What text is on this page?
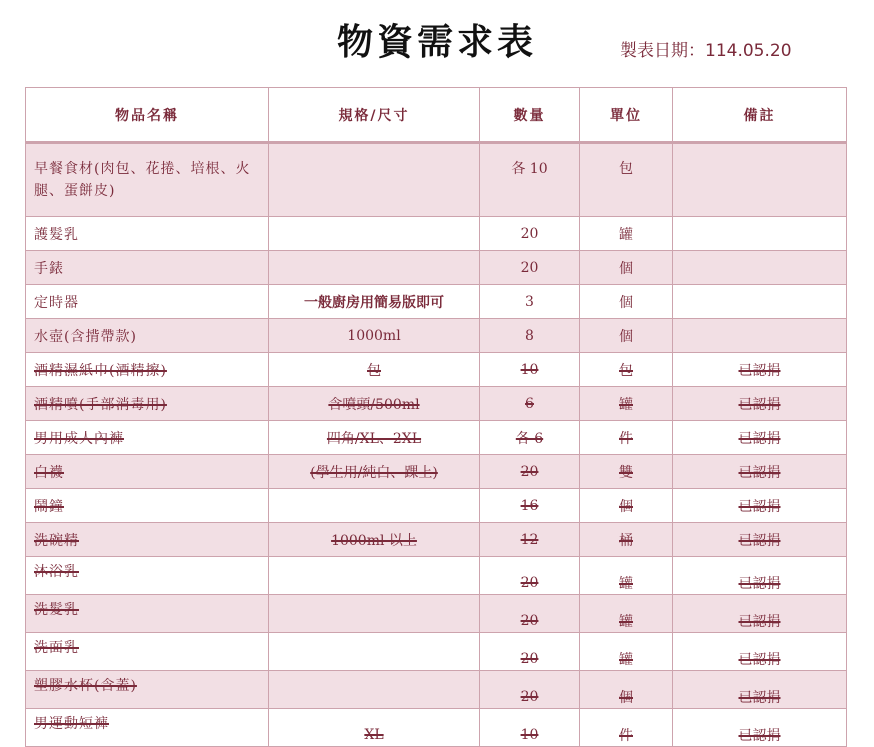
物資需求表	製表日期：114.05.20
物品名稱	規格/尺寸	數量	單位	備註
早餐食材(肉包、花捲、培根、火腿、蛋餅皮)		各 10	包	
護髮乳		20	罐	
手錶		20	個	
定時器	一般廚房用簡易版即可	3	個	
水壺(含揹帶款)	1000ml	8	個	
酒精濕紙巾(酒精擦)	包	10	包	已認捐
酒精噴(手部消毒用)	含噴頭/500ml	6	罐	已認捐
男用成人內褲	四角/XL、2XL	各 6	件	已認捐
白襪	(學生用/純白、踝上)	20	雙	已認捐
鬧鐘		16	個	已認捐
洗碗精	1000ml 以上	12	桶	已認捐
沐浴乳		20	罐	已認捐
洗髮乳		20	罐	已認捐
洗面乳		20	罐	已認捐
塑膠水杯(含蓋)		20	個	已認捐
男運動短褲	XL	10	件	已認捐
